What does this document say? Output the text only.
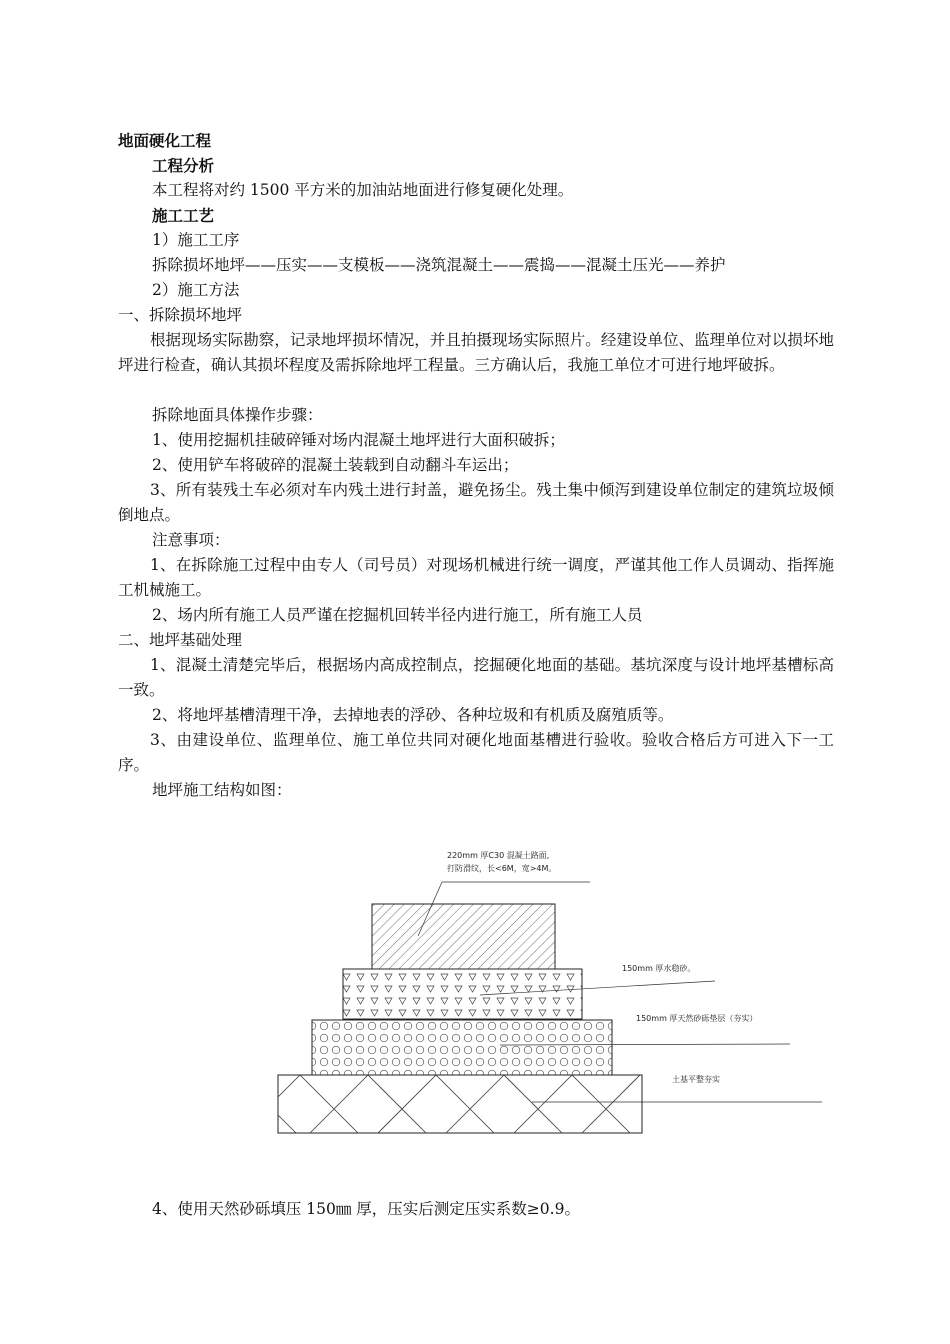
地面硬化工程
工程分析
本工程将对约 1500 平方米的加油站地面进行修复硬化处理。
施工工艺
1）施工工序
拆除损坏地坪——压实——支模板——浇筑混凝土——震捣——混凝土压光——养护
2）施工方法
一、拆除损坏地坪
根据现场实际勘察，记录地坪损坏情况，并且拍摄现场实际照片。经建设单位、监理单位对以损坏地坪进行检查，确认其损坏程度及需拆除地坪工程量。三方确认后，我施工单位才可进行地坪破拆。
拆除地面具体操作步骤：
1、使用挖掘机挂破碎锤对场内混凝土地坪进行大面积破拆；
2、使用铲车将破碎的混凝土装载到自动翻斗车运出；
3、所有装残土车必须对车内残土进行封盖，避免扬尘。残土集中倾泻到建设单位制定的建筑垃圾倾倒地点。
注意事项：
1、在拆除施工过程中由专人（司号员）对现场机械进行统一调度，严谨其他工作人员调动、指挥施工机械施工。
2、场内所有施工人员严谨在挖掘机回转半径内进行施工，所有施工人员
二、地坪基础处理
1、混凝土清楚完毕后，根据场内高成控制点，挖掘硬化地面的基础。基坑深度与设计地坪基槽标高一致。
2、将地坪基槽清理干净，去掉地表的浮砂、各种垃圾和有机质及腐殖质等。
3、由建设单位、监理单位、施工单位共同对硬化地面基槽进行验收。验收合格后方可进入下一工序。
地坪施工结构如图：
220mm 厚C30 混凝土路面,
打防滑纹，长<6M，宽>4M。
150mm 厚水稳砂。
150mm 厚天然砂砾垫层（夯实）
土基平整夯实
4、使用天然砂砾填压 150㎜ 厚，压实后测定压实系数≥0.9。
